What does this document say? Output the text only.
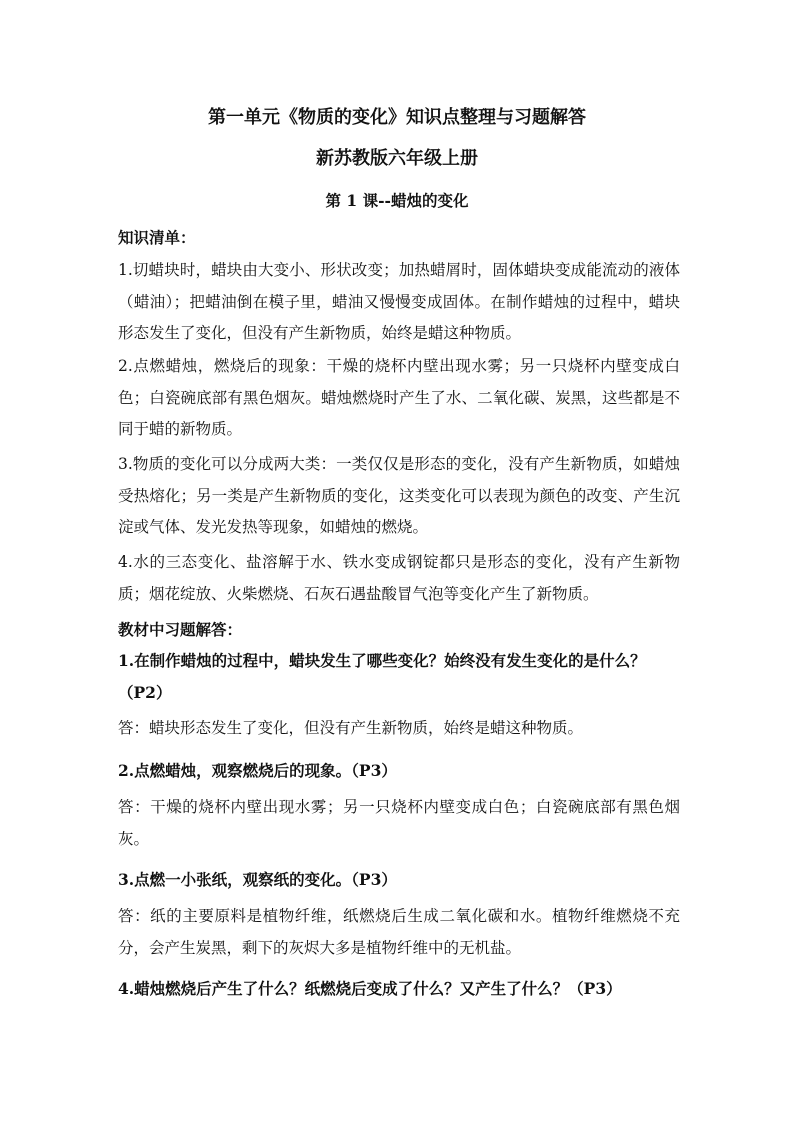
第一单元《物质的变化》知识点整理与习题解答
新苏教版六年级上册
第 1 课--蜡烛的变化
知识清单：
1.切蜡块时，蜡块由大变小、形状改变；加热蜡屑时，固体蜡块变成能流动的液体（蜡油）；把蜡油倒在模子里，蜡油又慢慢变成固体。在制作蜡烛的过程中，蜡块形态发生了变化，但没有产生新物质，始终是蜡这种物质。
2.点燃蜡烛，燃烧后的现象：干燥的烧杯内壁出现水雾；另一只烧杯内壁变成白色；白瓷碗底部有黑色烟灰。蜡烛燃烧时产生了水、二氧化碳、炭黑，这些都是不同于蜡的新物质。
3.物质的变化可以分成两大类：一类仅仅是形态的变化，没有产生新物质，如蜡烛受热熔化；另一类是产生新物质的变化，这类变化可以表现为颜色的改变、产生沉淀或气体、发光发热等现象，如蜡烛的燃烧。
4.水的三态变化、盐溶解于水、铁水变成钢锭都只是形态的变化，没有产生新物质；烟花绽放、火柴燃烧、石灰石遇盐酸冒气泡等变化产生了新物质。
教材中习题解答：
1.在制作蜡烛的过程中，蜡块发生了哪些变化？始终没有发生变化的是什么？（P2）
答：蜡块形态发生了变化，但没有产生新物质，始终是蜡这种物质。
2.点燃蜡烛，观察燃烧后的现象。（P3）
答：干燥的烧杯内壁出现水雾；另一只烧杯内壁变成白色；白瓷碗底部有黑色烟灰。
3.点燃一小张纸，观察纸的变化。（P3）
答：纸的主要原料是植物纤维，纸燃烧后生成二氧化碳和水。植物纤维燃烧不充分，会产生炭黑，剩下的灰烬大多是植物纤维中的无机盐。
4.蜡烛燃烧后产生了什么？纸燃烧后变成了什么？又产生了什么？（P3）
